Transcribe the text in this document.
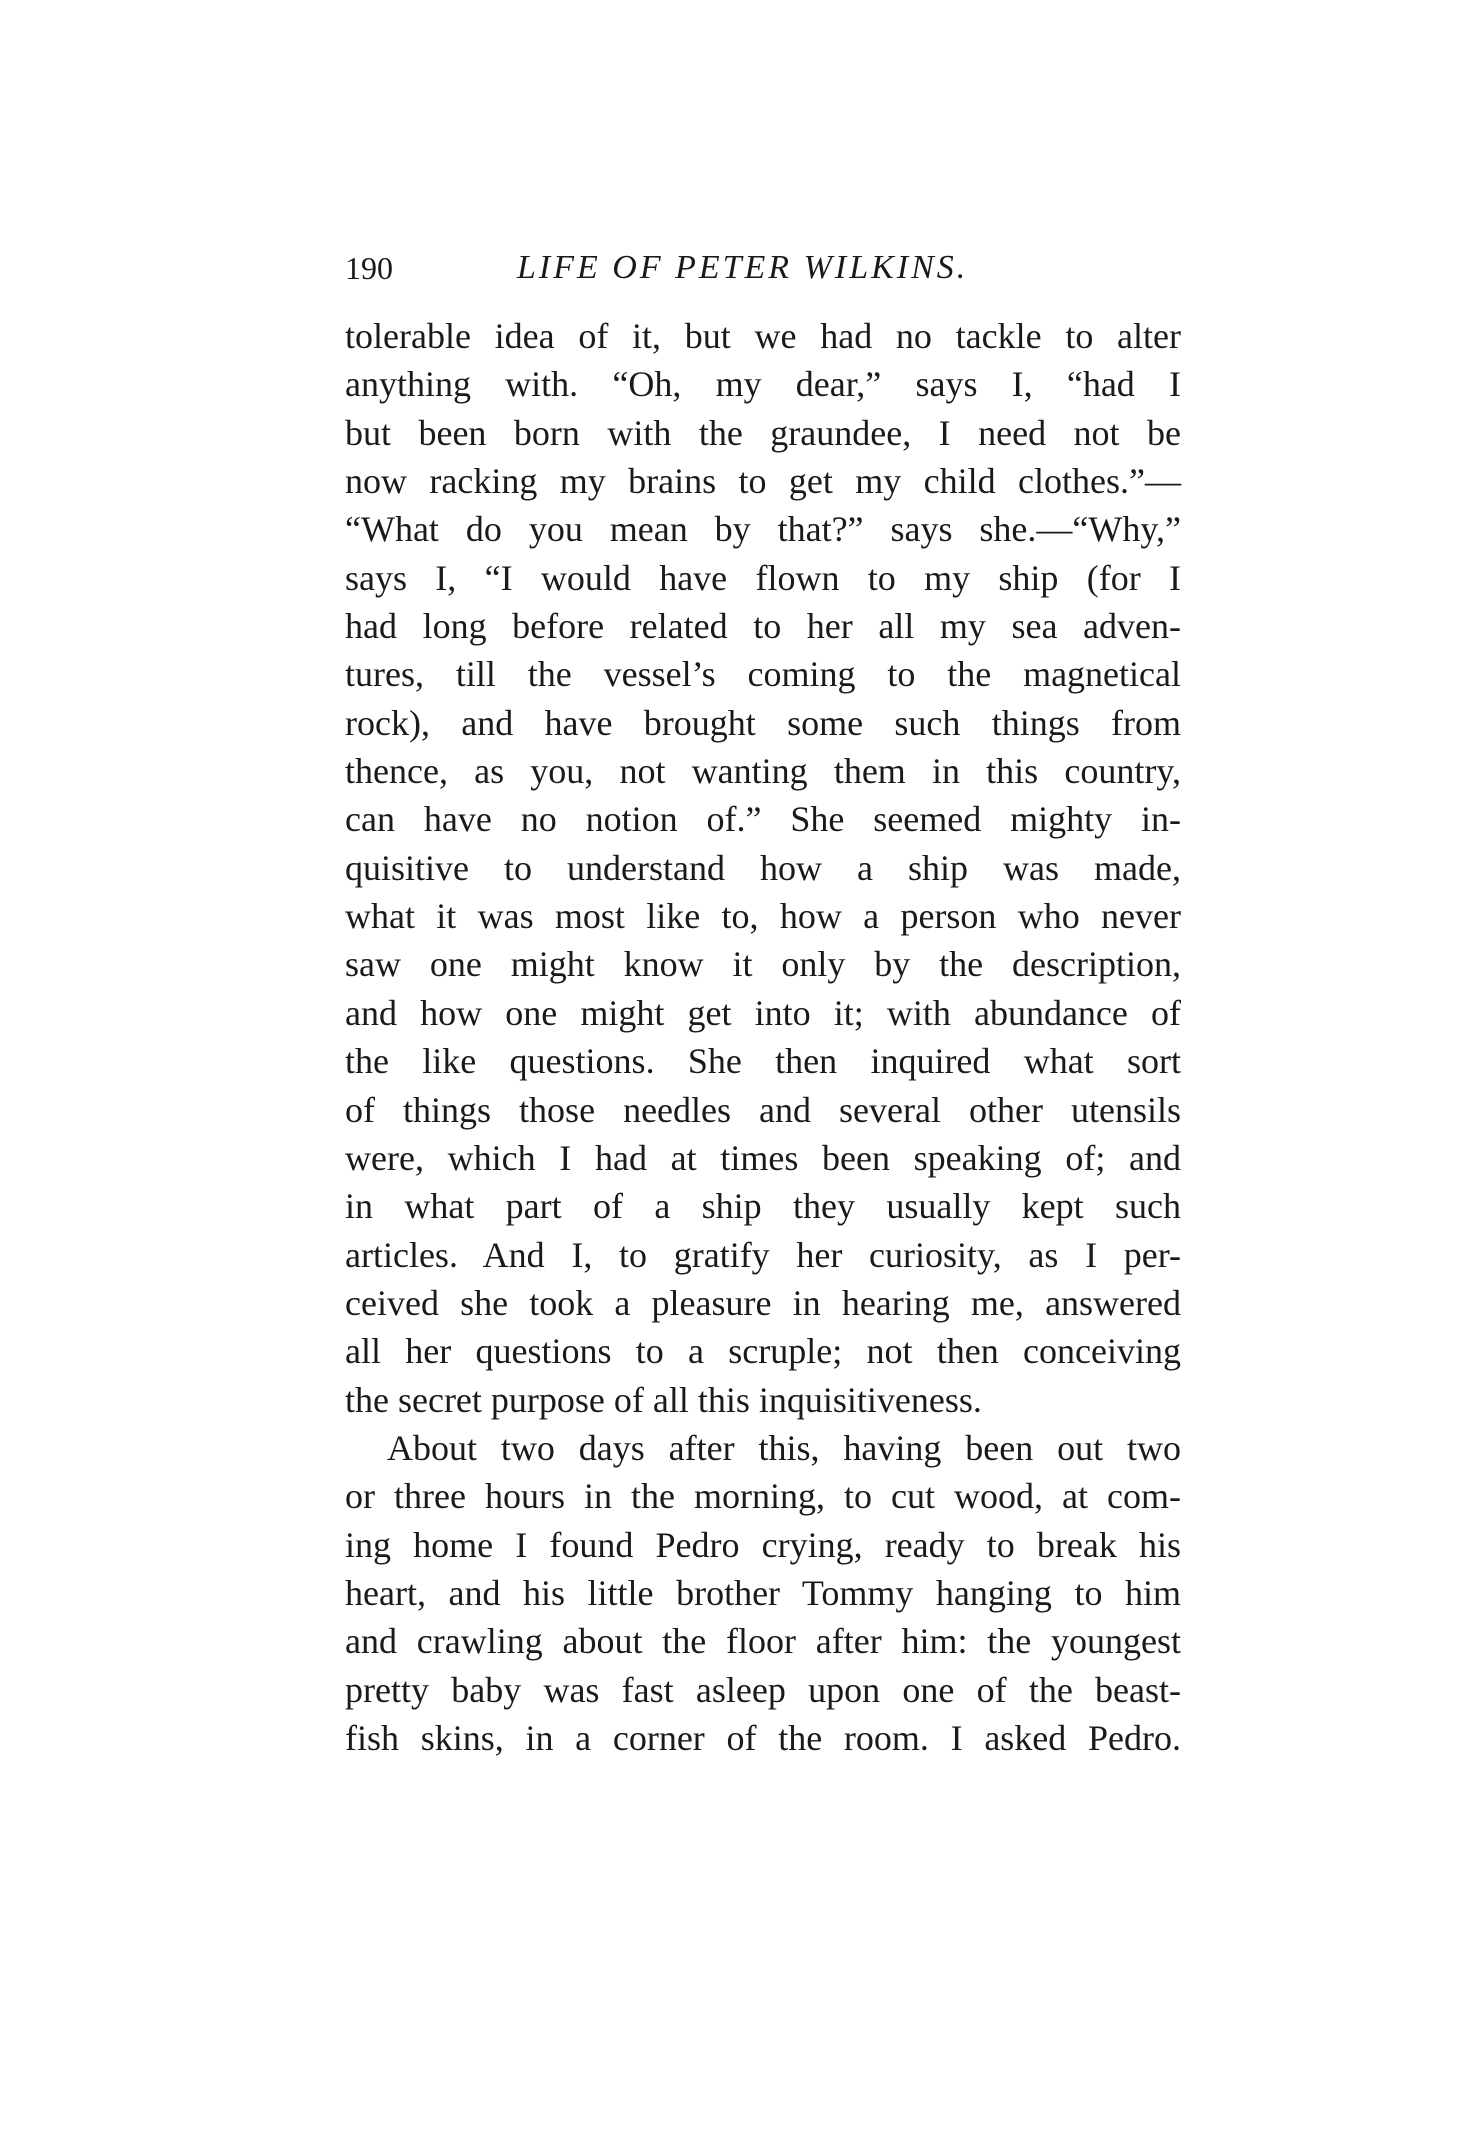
190	LIFE OF PETER WILKINS.
tolerable idea of it, but we had no tackle to alter
anything with. “Oh, my dear,” says I, “had I
but been born with the graundee, I need not be
now racking my brains to get my child clothes.”—
“What do you mean by that?” says she.—“Why,”
says I, “I would have flown to my ship (for I
had long before related to her all my sea adven-
tures, till the vessel’s coming to the magnetical
rock), and have brought some such things from
thence, as you, not wanting them in this country,
can have no notion of.” She seemed mighty in-
quisitive to understand how a ship was made,
what it was most like to, how a person who never
saw one might know it only by the description,
and how one might get into it; with abundance of
the like questions. She then inquired what sort
of things those needles and several other utensils
were, which I had at times been speaking of; and
in what part of a ship they usually kept such
articles. And I, to gratify her curiosity, as I per-
ceived she took a pleasure in hearing me, answered
all her questions to a scruple; not then conceiving
the secret purpose of all this inquisitiveness.
About two days after this, having been out two
or three hours in the morning, to cut wood, at com-
ing home I found Pedro crying, ready to break his
heart, and his little brother Tommy hanging to him
and crawling about the floor after him: the youngest
pretty baby was fast asleep upon one of the beast-
fish skins, in a corner of the room. I asked Pedro.
